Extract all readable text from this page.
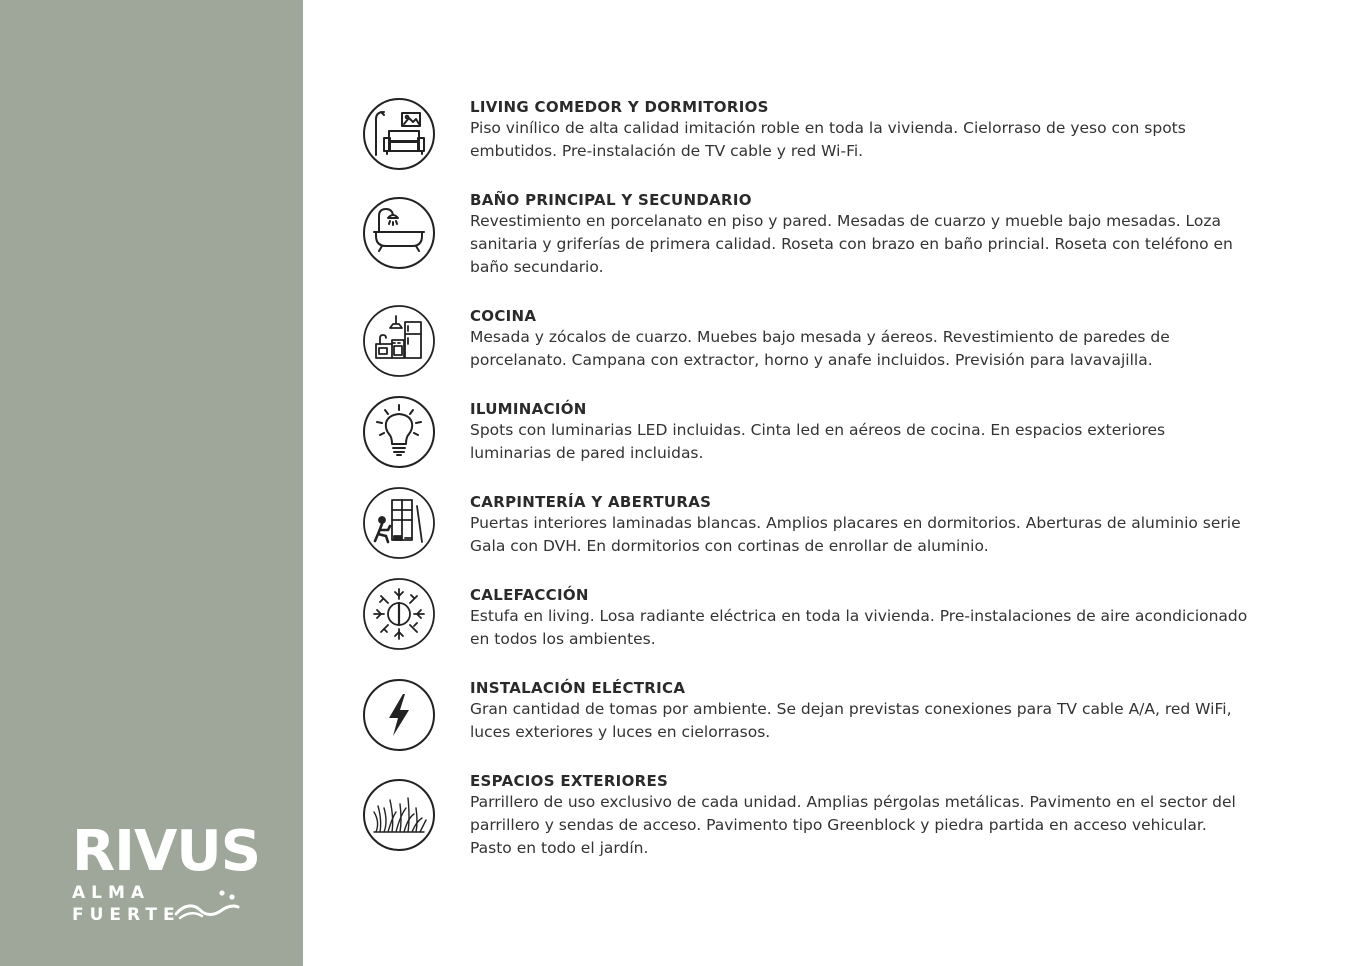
RIVUS
ALMA
FUERTE
LIVING COMEDOR Y DORMITORIOS
Piso vinílico de alta calidad imitación roble en toda la vivienda. Cielorraso de yeso con spots embutidos. Pre-instalación de TV cable y red Wi-Fi.
BAÑO PRINCIPAL Y SECUNDARIO
Revestimiento en porcelanato en piso y pared. Mesadas de cuarzo y mueble bajo mesadas. Loza sanitaria y griferías de primera calidad. Roseta con brazo en baño princial. Roseta con teléfono en baño secundario.
COCINA
Mesada y zócalos de cuarzo. Muebes bajo mesada y áereos. Revestimiento de paredes de porcelanato. Campana con extractor, horno y anafe incluidos. Previsión para lavavajilla.
ILUMINACIÓN
Spots con luminarias LED incluidas. Cinta led en aéreos de cocina. En espacios exteriores luminarias de pared incluidas.
CARPINTERÍA Y ABERTURAS
Puertas interiores laminadas blancas. Amplios placares en dormitorios. Aberturas de aluminio serie Gala con DVH. En dormitorios con cortinas de enrollar de aluminio.
CALEFACCIÓN
Estufa en living. Losa radiante eléctrica en toda la vivienda. Pre-instalaciones de aire acondicionado en todos los ambientes.
INSTALACIÓN ELÉCTRICA
Gran cantidad de tomas por ambiente. Se dejan previstas conexiones para TV cable A/A, red WiFi, luces exteriores y luces en cielorrasos.
ESPACIOS EXTERIORES
Parrillero de uso exclusivo de cada unidad. Amplias pérgolas metálicas. Pavimento en el sector del parrillero y sendas de acceso. Pavimento tipo Greenblock y piedra partida en acceso vehicular. Pasto en todo el jardín.
